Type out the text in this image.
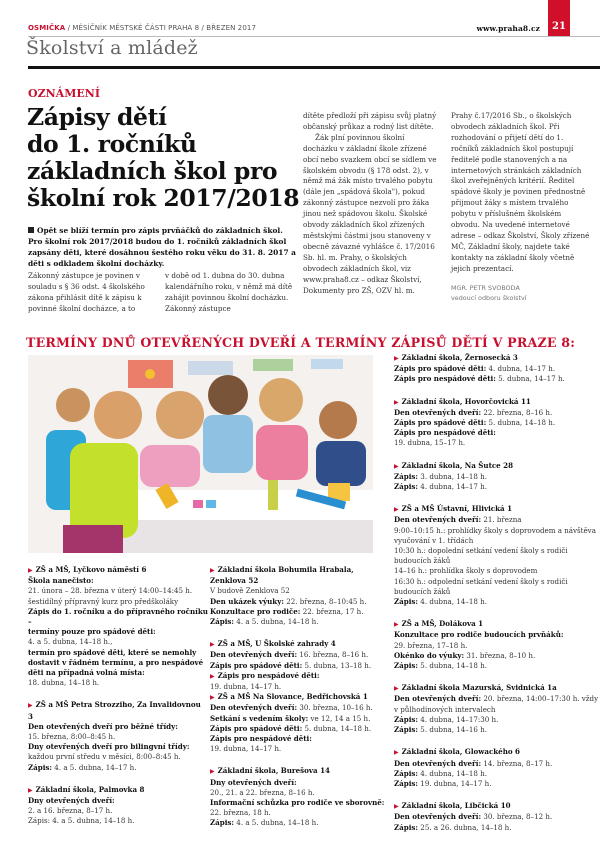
OSMIČKA / MĚSÍČNÍK MĚSTSKÉ ČÁSTI PRAHA 8 / BŘEZEN 2017	www.praha8.cz	21
Školství a mládež
OZNÁMENÍ
Zápisy dětí
do 1. ročníků
základních škol pro
školní rok 2017/2018
Opět se blíží termín pro zápis prvňáčků do základních škol. Pro školní rok 2017/2018 budou do 1. ročníků základních škol zapsány děti, které dosáhnou šestého roku věku do 31. 8. 2017 a děti s odkladem školní docházky.

Zákonný zástupce je povinen v souladu s § 36 odst. 4 školského zákona přihlásit dítě k zápisu k povinné školní docházce, a to

v době od 1. dubna do 30. dubna kalendářního roku, v němž má dítě zahájit povinnou školní docházku. Zákonný zástupce

dítěte předloží při zápisu svůj platný občanský průkaz a rodný list dítěte.

Žák plní povinnou školní docházku v základní škole zřízené obcí nebo svazkem obcí se sídlem ve školském obvodu (§ 178 odst. 2), v němž má žák místo trvalého pobytu (dále jen „spádová škola"), pokud zákonný zástupce nezvolí pro žáka jinou než spádovou školu. Školské obvody základních škol zřízených městskými částmi jsou stanoveny v obecně závazné vyhlášce č. 17/2016 Sb. hl. m. Prahy, o školských obvodech základních škol, viz www.praha8.cz – odkaz Školství, Dokumenty pro ZŠ, OZV hl. m.

Prahy č.17/2016 Sb., o školských obvodech základních škol. Při rozhodování o přijetí dětí do 1. ročníků základních škol postupují ředitelé podle stanovených a na internetových stránkách základních škol zveřejněných kritérií. Ředitel spádové školy je povinen přednostně přijmout žáky s místem trvalého pobytu v příslušném školském obvodu. Na uvedené internetové adrese – odkaz Školství, Školy zřízené MČ, Základní školy, najdete také kontakty na základní školy včetně jejich prezentací.

MGR. PETR SVOBODA
vedoucí odboru školství
TERMÍNY DNŮ OTEVŘENÝCH DVEŘÍ A TERMÍNY ZÁPISŮ DĚTÍ V PRAZE 8:
▶ Základní škola, Žernosecká 3
Zápis pro spádové děti: 4. dubna, 14–17 h.
Zápis pro nespádové děti: 5. dubna, 14–17 h.
▶ Základní škola, Hovorčovická 11
Den otevřených dveří: 22. března, 8–16 h.
Zápis pro spádové děti: 5. dubna, 14–18 h.
Zápis pro nespádové děti:
19. dubna, 15–17 h.
▶ Základní škola, Na Šutce 28
Zápis: 3. dubna, 14–18 h.
Zápis: 4. dubna, 14–17 h.
▶ ZŠ a MŠ Ústavní, Hlivická 1
Den otevřených dveří: 21. března
9:00–10:15 h.: prohlídky školy s doprovodem a návštěva vyučování v 1. třídách
10:30 h.: dopolední setkání vedení školy s rodiči budoucích žáků
14–16 h.: prohlídka školy s doprovodem
16:30 h.: odpolední setkání vedení školy s rodiči budoucích žáků
Zápis: 4. dubna, 14–18 h.
▶ ZŠ a MŠ, Dolákova 1
Konzultace pro rodiče budoucích prvňáků:
29. března, 17–18 h.
Okénko do výuky: 31. března, 8–10 h.
Zápis: 5. dubna, 14–18 h.
▶ Základní škola Mazurská, Svidnická 1a
Den otevřených dveří: 20. března, 14:00–17:30 h. vždy v půlhodinových intervalech
Zápis: 4. dubna, 14–17:30 h.
Zápis: 5. dubna, 14–16 h.
▶ Základní škola, Glowackého 6
Den otevřených dveří: 14. března, 8–17 h.
Zápis: 4. dubna, 14–18 h.
Zápis: 19. dubna, 14–17 h.
▶ Základní škola, Libčická 10
Den otevřených dveří: 30. března, 8–12 h.
Zápis: 25. a 26. dubna, 14–18 h.
▶ ZŠ a MŠ, Lyčkovo náměstí 6
Škola nanečisto:
21. února – 28. března v úterý 14:00–14:45 h. šestidílný přípravný kurz pro předškoláky
Zápis do 1. ročníku a do přípravného ročníku –
termíny pouze pro spádové děti:
4. a 5. dubna, 14–18 h.,
termín pro spádové děti, které se nemohly dostavit v řádném termínu, a pro nespádové děti na případná volná místa:
18. dubna, 14–18 h.
▶ ZŠ a MŠ Petra Strozziho, Za Invalidovnou 3
Den otevřených dveří pro běžné třídy:
15. března, 8:00–8:45 h.
Dny otevřených dveří pro bilingvní třídy:
každou první středu v měsíci, 8:00–8:45 h.
Zápis: 4. a 5. dubna, 14–17 h.
▶ Základní škola, Palmovka 8
Dny otevřených dveří:
2. a 16. března, 8–17 h.
Zápis: 4. a 5. dubna, 14–18 h.
▶ Základní škola Bohumila Hrabala, Zenklova 52
V budově Zenklova 52
Den ukázek výuky: 22. března, 8–10:45 h.
Konzultace pro rodiče: 22. března, 17 h.
Zápis: 4. a 5. dubna, 14–18 h.
▶ ZŠ a MŠ, U Školské zahrady 4
Den otevřených dveří: 16. března, 8–16 h.
Zápis pro spádové děti: 5. dubna, 13–18 h.
▶ Zápis pro nespádové děti:
19. dubna, 14–17 h.
▶ ZŠ a MŠ Na Slovance, Bedřichovská 1
Den otevřených dveří: 30. března, 10–16 h.
Setkání s vedením školy: ve 12, 14 a 15 h.
Zápis pro spádové děti: 5. dubna, 14–18 h.
Zápis pro nespádové děti:
19. dubna, 14–17 h.
▶ Základní škola, Burešova 14
Dny otevřených dveří:
20., 21. a 22. března, 8–16 h.
Informační schůzka pro rodiče ve sborovně: 22. března, 18 h.
Zápis: 4. a 5. dubna, 14–18 h.
